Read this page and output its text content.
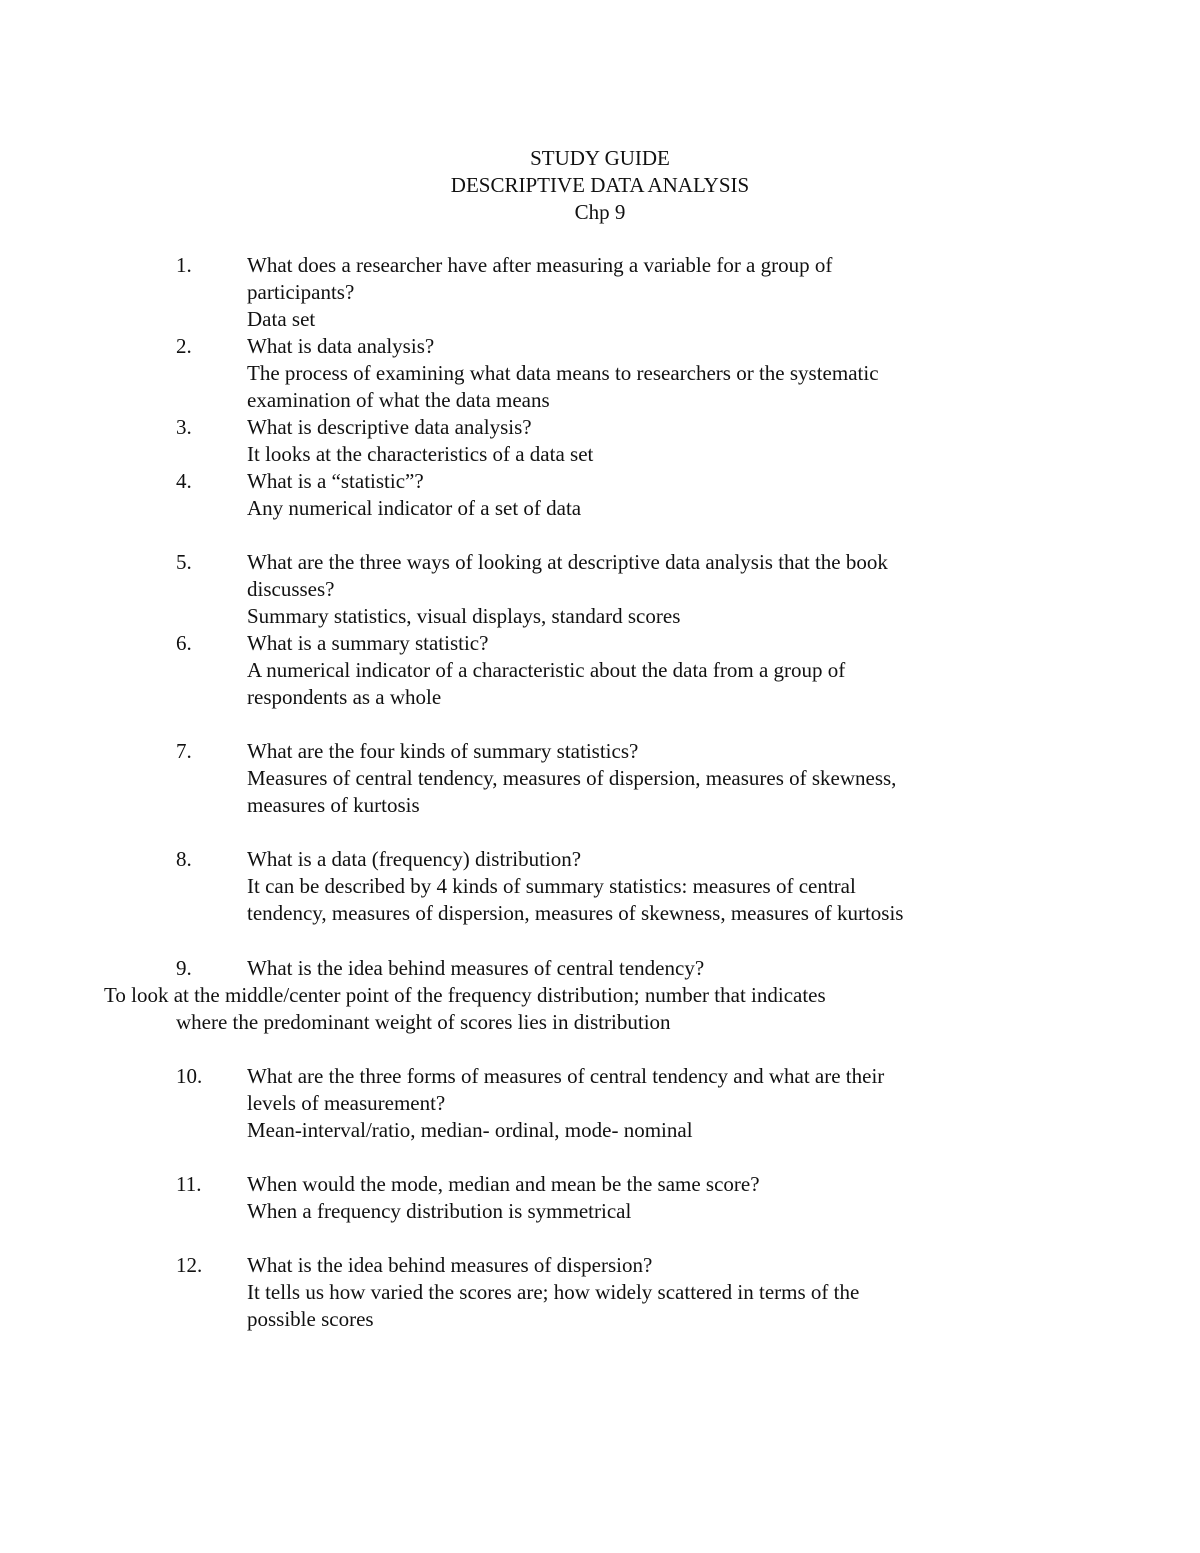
STUDY GUIDE
DESCRIPTIVE DATA ANALYSIS
Chp 9
1.	What does a researcher have after measuring a variable for a group of
participants?
Data set
2.	What is data analysis?
The process of examining what data means to researchers or the systematic
examination of what the data means
3.	What is descriptive data analysis?
It looks at the characteristics of a data set
4.	What is a “statistic”?
Any numerical indicator of a set of data
5.	What are the three ways of looking at descriptive data analysis that the book
discusses?
Summary statistics, visual displays, standard scores
6.	What is a summary statistic?
A numerical indicator of a characteristic about the data from a group of
respondents as a whole
7.	What are the four kinds of summary statistics?
Measures of central tendency, measures of dispersion, measures of skewness,
measures of kurtosis
8.	What is a data (frequency) distribution?
It can be described by 4 kinds of summary statistics: measures of central
tendency, measures of dispersion, measures of skewness, measures of kurtosis
9.	What is the idea behind measures of central tendency?
To look at the middle/center point of the frequency distribution; number that indicates
where the predominant weight of scores lies in distribution
10. What are the three forms of measures of central tendency and what are their
levels of measurement?
Mean-interval/ratio, median- ordinal, mode- nominal
11. When would the mode, median and mean be the same score?
When a frequency distribution is symmetrical
12. What is the idea behind measures of dispersion?
It tells us how varied the scores are; how widely scattered in terms of the
possible scores
